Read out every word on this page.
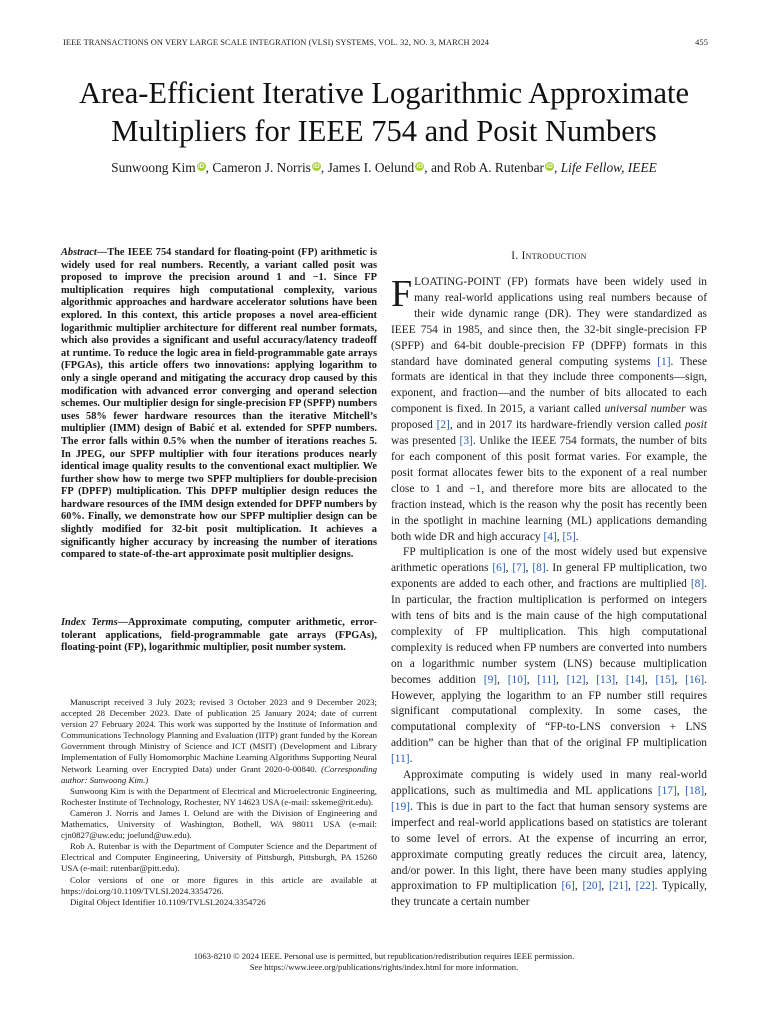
IEEE TRANSACTIONS ON VERY LARGE SCALE INTEGRATION (VLSI) SYSTEMS, VOL. 32, NO. 3, MARCH 2024	455
Area-Efficient Iterative Logarithmic Approximate
Multipliers for IEEE 754 and Posit Numbers
Sunwoong Kim iD, Cameron J. Norris iD, James I. Oelund iD, and Rob A. Rutenbar iD, Life Fellow, IEEE
Abstract—The IEEE 754 standard for floating-point (FP) arithmetic is widely used for real numbers. Recently, a variant called posit was proposed to improve the precision around 1 and −1. Since FP multiplication requires high computational complexity, various algorithmic approaches and hardware accelerator solutions have been explored. In this context, this article proposes a novel area-efficient logarithmic multiplier architecture for different real number formats, which also provides a significant and useful accuracy/latency tradeoff at runtime. To reduce the logic area in field-programmable gate arrays (FPGAs), this article offers two innovations: applying logarithm to only a single operand and mitigating the accuracy drop caused by this modification with advanced error converging and operand selection schemes. Our multiplier design for single-precision FP (SPFP) numbers uses 58% fewer hardware resources than the iterative Mitchell’s multiplier (IMM) design of Babić et al. extended for SPFP numbers. The error falls within 0.5% when the number of iterations reaches 5. In JPEG, our SPFP multiplier with four iterations produces nearly identical image quality results to the conventional exact multiplier. We further show how to merge two SPFP multipliers for double-precision FP (DPFP) multiplication. This DPFP multiplier design reduces the hardware resources of the IMM design extended for DPFP numbers by 60%. Finally, we demonstrate how our SPFP multiplier design can be slightly modified for 32-bit posit multiplication. It achieves a significantly higher accuracy by increasing the number of iterations compared to state-of-the-art approximate posit multiplier designs.
Index Terms—Approximate computing, computer arithmetic, error-tolerant applications, field-programmable gate arrays (FPGAs), floating-point (FP), logarithmic multiplier, posit number system.

Manuscript received 3 July 2023; revised 3 October 2023 and 9 December 2023; accepted 28 December 2023. Date of publication 25 January 2024; date of current version 27 February 2024. This work was supported by the Institute of Information and Communications Technology Planning and Evaluation (IITP) grant funded by the Korean Government through Ministry of Science and ICT (MSIT) (Development and Library Implementation of Fully Homomorphic Machine Learning Algorithms Supporting Neural Network Learning over Encrypted Data) under Grant 2020-0-00840. (Corresponding author: Sunwoong Kim.)

Sunwoong Kim is with the Department of Electrical and Microelectronic Engineering, Rochester Institute of Technology, Rochester, NY 14623 USA (e-mail: sskeme@rit.edu).

Cameron J. Norris and James I. Oelund are with the Division of Engineering and Mathematics, University of Washington, Bothell, WA 98011 USA (e-mail: cjn0827@uw.edu; joelund@uw.edu).

Rob A. Rutenbar is with the Department of Computer Science and the Department of Electrical and Computer Engineering, University of Pittsburgh, Pittsburgh, PA 15260 USA (e-mail: rutenbar@pitt.edu).

Color versions of one or more figures in this article are available at https://doi.org/10.1109/TVLSI.2024.3354726.

Digital Object Identifier 10.1109/TVLSI.2024.3354726

I. Introduction

FLOATING-POINT (FP) formats have been widely used in many real-world applications using real numbers because of their wide dynamic range (DR). They were standardized as IEEE 754 in 1985, and since then, the 32-bit single-precision FP (SPFP) and 64-bit double-precision FP (DPFP) formats in this standard have dominated general computing systems [1]. These formats are identical in that they include three components—sign, exponent, and fraction—and the number of bits allocated to each component is fixed. In 2015, a variant called universal number was proposed [2], and in 2017 its hardware-friendly version called posit was presented [3]. Unlike the IEEE 754 formats, the number of bits for each component of this posit format varies. For example, the posit format allocates fewer bits to the exponent of a real number close to 1 and −1, and therefore more bits are allocated to the fraction instead, which is the reason why the posit has recently been in the spotlight in machine learning (ML) applications demanding both wide DR and high accuracy [4], [5].

FP multiplication is one of the most widely used but expensive arithmetic operations [6], [7], [8]. In general FP multiplication, two exponents are added to each other, and fractions are multiplied [8]. In particular, the fraction multiplication is performed on integers with tens of bits and is the main cause of the high computational complexity of FP multiplication. This high computational complexity is reduced when FP numbers are converted into numbers on a logarithmic number system (LNS) because multiplication becomes addition [9], [10], [11], [12], [13], [14], [15], [16]. However, applying the logarithm to an FP number still requires significant computational complexity. In some cases, the computational complexity of “FP-to-LNS conversion + LNS addition” can be higher than that of the original FP multiplication [11].

Approximate computing is widely used in many real-world applications, such as multimedia and ML applications [17], [18], [19]. This is due in part to the fact that human sensory systems are imperfect and real-world applications based on statistics are tolerant to some level of errors. At the expense of incurring an error, approximate computing greatly reduces the circuit area, latency, and/or power. In this light, there have been many studies applying approximation to FP multiplication [6], [20], [21], [22]. Typically, they truncate a certain number

1063-8210 © 2024 IEEE. Personal use is permitted, but republication/redistribution requires IEEE permission.
See https://www.ieee.org/publications/rights/index.html for more information.
